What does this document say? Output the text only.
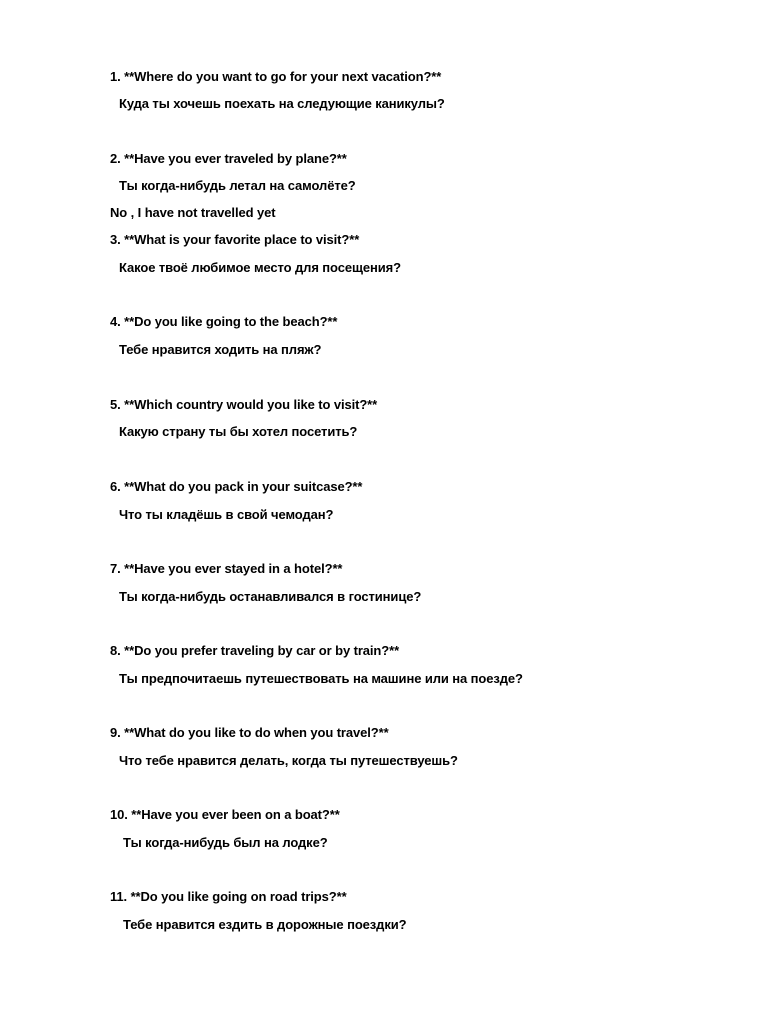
1. **Where do you want to go for your next vacation?**
Куда ты хочешь поехать на следующие каникулы?
2. **Have you ever traveled by plane?**
Ты когда-нибудь летал на самолёте?
No , I have not travelled yet
3. **What is your favorite place to visit?**
Какое твоё любимое место для посещения?
4. **Do you like going to the beach?**
Тебе нравится ходить на пляж?
5. **Which country would you like to visit?**
Какую страну ты бы хотел посетить?
6. **What do you pack in your suitcase?**
Что ты кладёшь в свой чемодан?
7. **Have you ever stayed in a hotel?**
Ты когда-нибудь останавливался в гостинице?
8. **Do you prefer traveling by car or by train?**
Ты предпочитаешь путешествовать на машине или на поезде?
9. **What do you like to do when you travel?**
Что тебе нравится делать, когда ты путешествуешь?
10. **Have you ever been on a boat?**
Ты когда-нибудь был на лодке?
11. **Do you like going on road trips?**
Тебе нравится ездить в дорожные поездки?
